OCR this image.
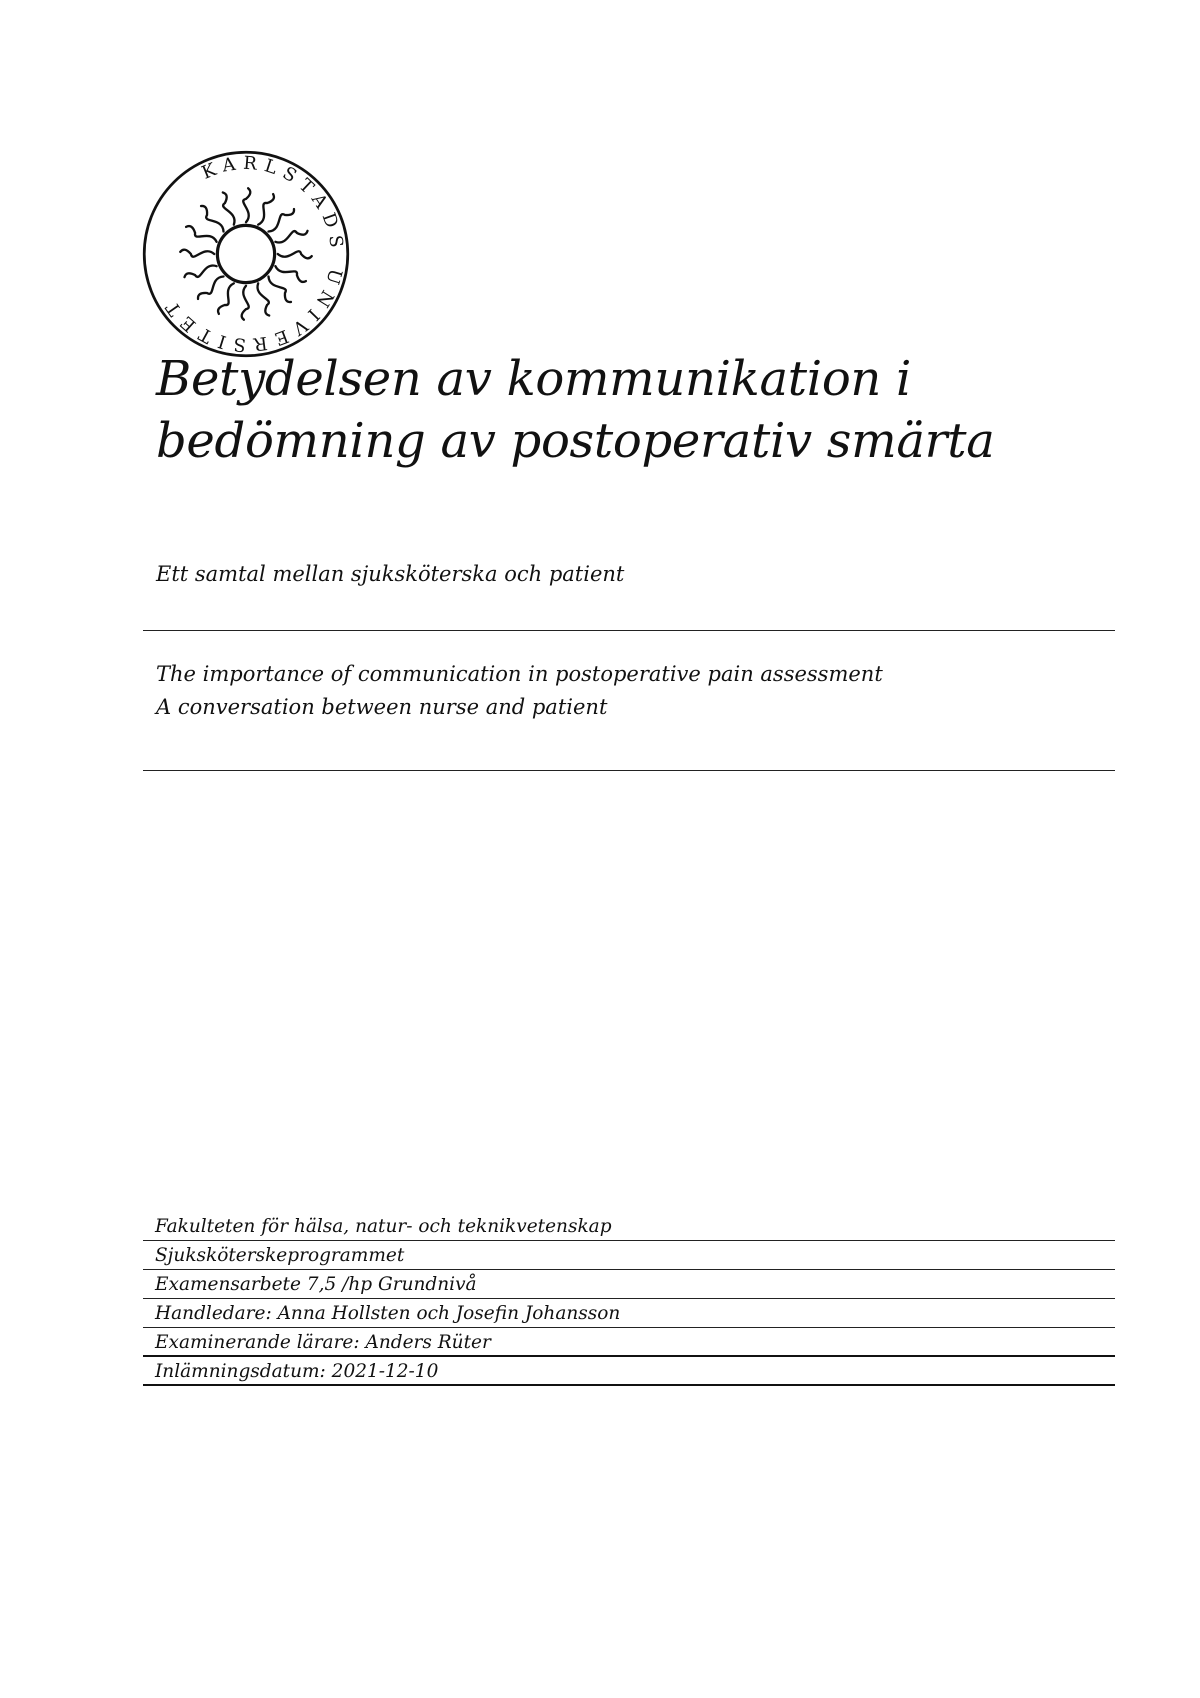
KARLSTADS UNIVERSITET
Betydelsen av kommunikation i
bedömning av postoperativ smärta

Ett samtal mellan sjuksköterska och patient

The importance of communication in postoperative pain assessment
A conversation between nurse and patient
Fakulteten för hälsa, natur- och teknikvetenskap
Sjuksköterskeprogrammet
Examensarbete 7,5 /hp Grundnivå
Handledare: Anna Hollsten och Josefin Johansson
Examinerande lärare: Anders Rüter
Inlämningsdatum: 2021-12-10
